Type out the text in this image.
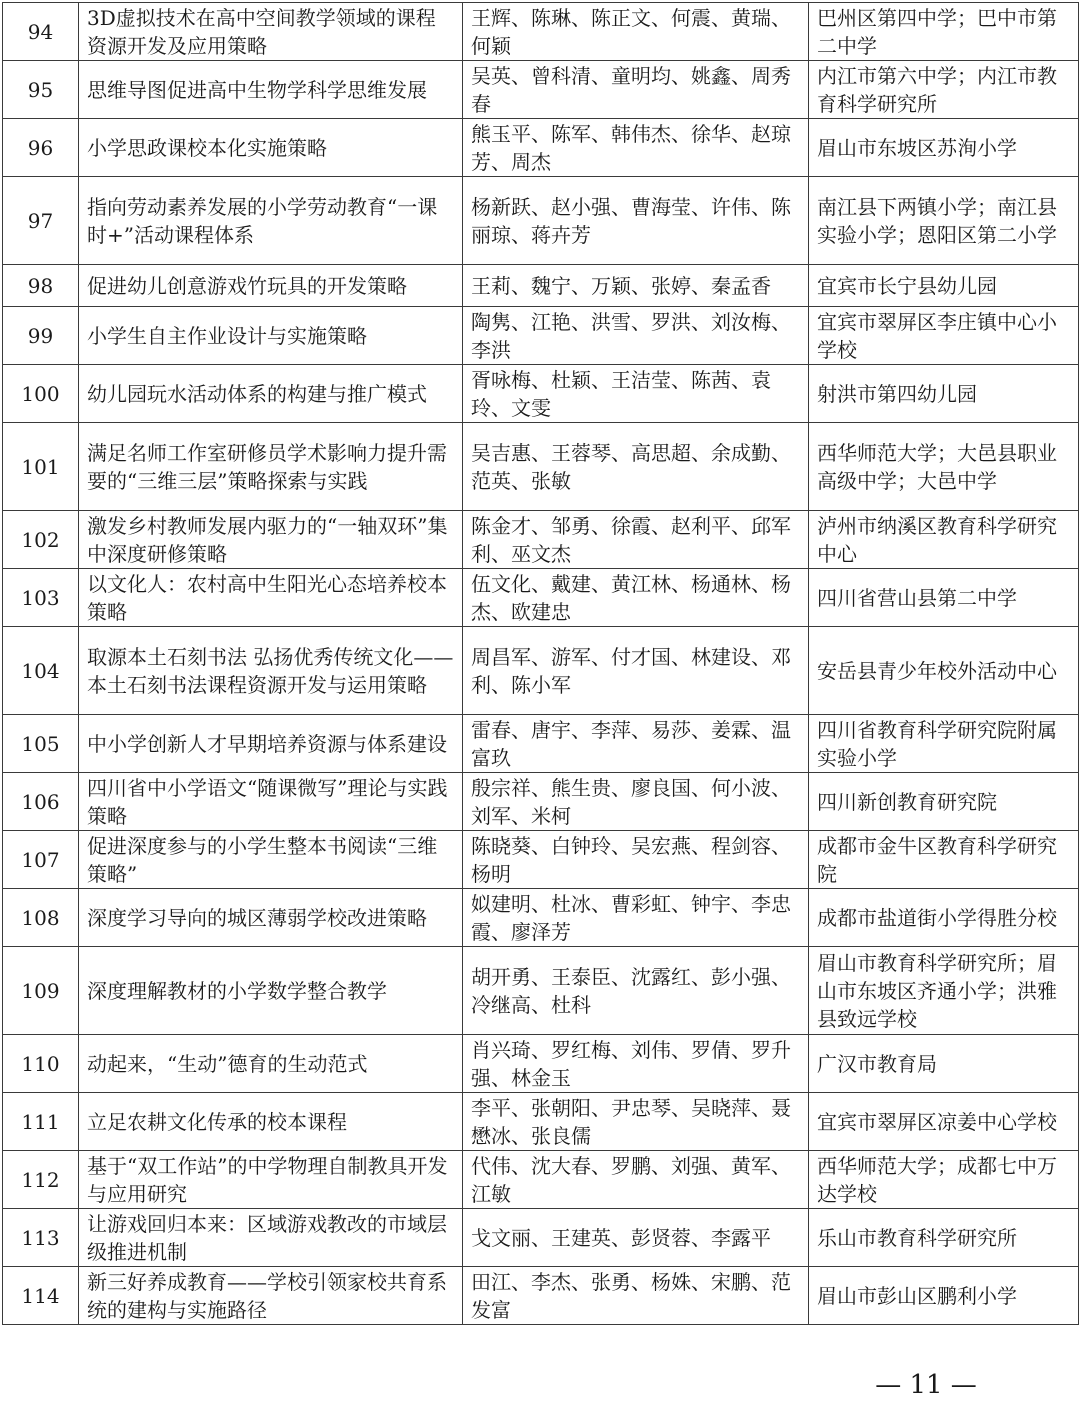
94	3D虚拟技术在高中空间教学领域的课程资源开发及应用策略	王辉、陈琳、陈正文、何震、黄瑞、何颖	巴州区第四中学；巴中市第二中学
95	思维导图促进高中生物学科学思维发展	吴英、曾科清、童明均、姚鑫、周秀春	内江市第六中学；内江市教育科学研究所
96	小学思政课校本化实施策略	熊玉平、陈军、韩伟杰、徐华、赵琼芳、周杰	眉山市东坡区苏洵小学
97	指向劳动素养发展的小学劳动教育“一课时+”活动课程体系	杨新跃、赵小强、曹海莹、许伟、陈丽琼、蒋卉芳	南江县下两镇小学；南江县实验小学；恩阳区第二小学
98	促进幼儿创意游戏竹玩具的开发策略	王莉、魏宁、万颖、张婷、秦孟香	宜宾市长宁县幼儿园
99	小学生自主作业设计与实施策略	陶隽、江艳、洪雪、罗洪、刘汝梅、李洪	宜宾市翠屏区李庄镇中心小学校
100	幼儿园玩水活动体系的构建与推广模式	胥咏梅、杜颖、王洁莹、陈茜、袁玲、文雯	射洪市第四幼儿园
101	满足名师工作室研修员学术影响力提升需要的“三维三层”策略探索与实践	吴吉惠、王蓉琴、高思超、余成勤、范英、张敏	西华师范大学；大邑县职业高级中学；大邑中学
102	激发乡村教师发展内驱力的“一轴双环”集中深度研修策略	陈金才、邹勇、徐霞、赵利平、邱军利、巫文杰	泸州市纳溪区教育科学研究中心
103	以文化人：农村高中生阳光心态培养校本策略	伍文化、戴建、黄江林、杨通林、杨杰、欧建忠	四川省营山县第二中学
104	取源本土石刻书法 弘扬优秀传统文化——本土石刻书法课程资源开发与运用策略	周昌军、游军、付才国、林建设、邓利、陈小军	安岳县青少年校外活动中心
105	中小学创新人才早期培养资源与体系建设	雷春、唐宇、李萍、易莎、姜霖、温富玖	四川省教育科学研究院附属实验小学
106	四川省中小学语文“随课微写”理论与实践策略	殷宗祥、熊生贵、廖良国、何小波、刘军、米柯	四川新创教育研究院
107	促进深度参与的小学生整本书阅读“三维策略”	陈晓葵、白钟玲、吴宏燕、程剑容、杨明	成都市金牛区教育科学研究院
108	深度学习导向的城区薄弱学校改进策略	姒建明、杜冰、曹彩虹、钟宇、李忠霞、廖泽芳	成都市盐道街小学得胜分校
109	深度理解教材的小学数学整合教学	胡开勇、王泰臣、沈露红、彭小强、冷继高、杜科	眉山市教育科学研究所；眉山市东坡区齐通小学；洪雅县致远学校
110	动起来，“生动”德育的生动范式	肖兴琦、罗红梅、刘伟、罗倩、罗升强、林金玉	广汉市教育局
111	立足农耕文化传承的校本课程	李平、张朝阳、尹忠琴、吴晓萍、聂懋冰、张良儒	宜宾市翠屏区凉姜中心学校
112	基于“双工作站”的中学物理自制教具开发与应用研究	代伟、沈大春、罗鹏、刘强、黄军、江敏	西华师范大学；成都七中万达学校
113	让游戏回归本来：区域游戏教改的市域层级推进机制	戈文丽、王建英、彭贤蓉、李露平	乐山市教育科学研究所
114	新三好养成教育——学校引领家校共育系统的建构与实施路径	田江、李杰、张勇、杨姝、宋鹏、范发富	眉山市彭山区鹏利小学
— 11 —
